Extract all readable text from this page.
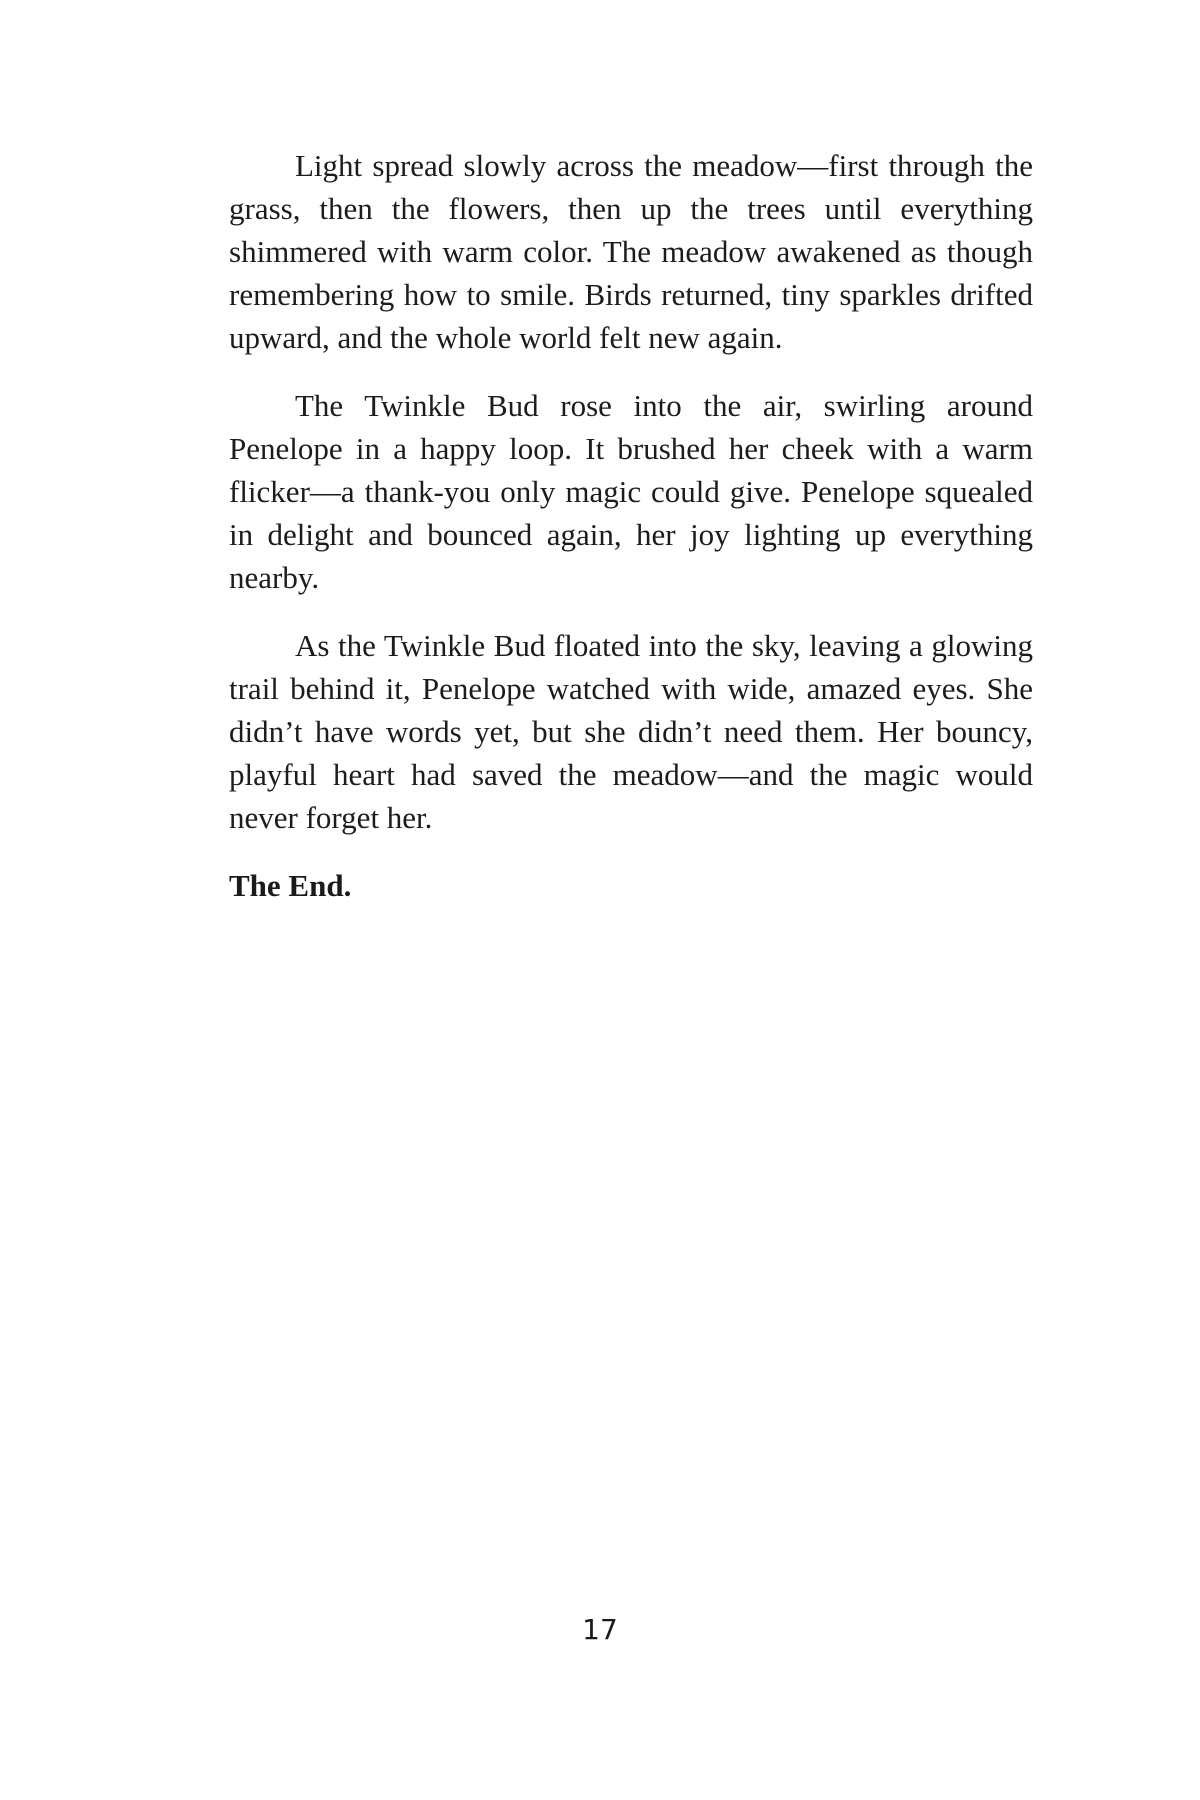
Light spread slowly across the meadow—first through the grass, then the flowers, then up the trees until everything shimmered with warm color. The meadow awakened as though remembering how to smile. Birds returned, tiny sparkles drifted upward, and the whole world felt new again.

The Twinkle Bud rose into the air, swirling around Penelope in a happy loop. It brushed her cheek with a warm flicker—a thank-you only magic could give. Penelope squealed in delight and bounced again, her joy lighting up everything nearby.

As the Twinkle Bud floated into the sky, leaving a glowing trail behind it, Penelope watched with wide, amazed eyes. She didn’t have words yet, but she didn’t need them. Her bouncy, playful heart had saved the meadow—and the magic would never forget her.

The End.
17
